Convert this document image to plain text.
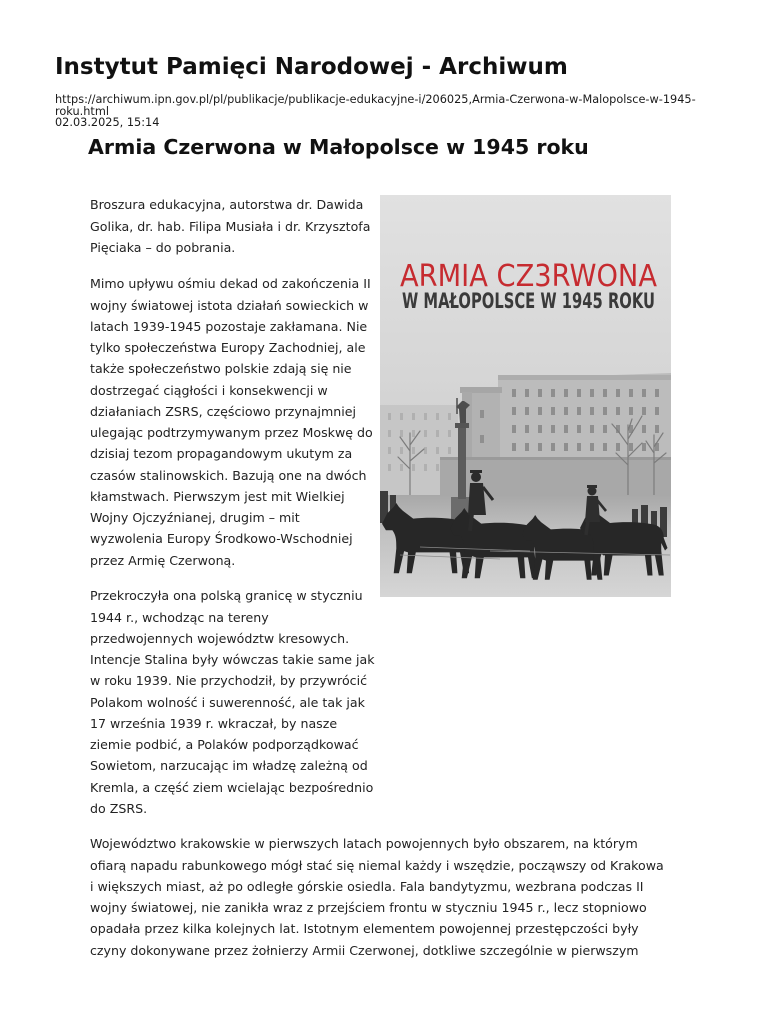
Instytut Pamięci Narodowej - Archiwum
https://archiwum.ipn.gov.pl/pl/publikacje/publikacje-edukacyjne-i/206025,Armia-Czerwona-w-Malopolsce-w-1945-
roku.html
02.03.2025, 15:14
Armia Czerwona w Małopolsce w 1945 roku
Broszura edukacyjna, autorstwa dr. Dawida
Golika, dr. hab. Filipa Musiała i dr. Krzysztofa
Pięciaka – do pobrania.
Mimo upływu ośmiu dekad od zakończenia II
wojny światowej istota działań sowieckich w
latach 1939-1945 pozostaje zakłamana. Nie
tylko społeczeństwa Europy Zachodniej, ale
także społeczeństwo polskie zdają się nie
dostrzegać ciągłości i konsekwencji w
działaniach ZSRS, częściowo przynajmniej
ulegając podtrzymywanym przez Moskwę do
dzisiaj tezom propagandowym ukutym za
czasów stalinowskich. Bazują one na dwóch
kłamstwach. Pierwszym jest mit Wielkiej
Wojny Ojczyźnianej, drugim – mit
wyzwolenia Europy Środkowo-Wschodniej
przez Armię Czerwoną.
Przekroczyła ona polską granicę w styczniu
1944 r., wchodząc na tereny
przedwojennych województw kresowych.
Intencje Stalina były wówczas takie same jak
w roku 1939. Nie przychodził, by przywrócić
Polakom wolność i suwerenność, ale tak jak
17 września 1939 r. wkraczał, by nasze
ziemie podbić, a Polaków podporządkować
Sowietom, narzucając im władzę zależną od
Kremla, a część ziem wcielając bezpośrednio
do ZSRS.
Województwo krakowskie w pierwszych latach powojennych było obszarem, na którym
ofiarą napadu rabunkowego mógł stać się niemal każdy i wszędzie, począwszy od Krakowa
i większych miast, aż po odległe górskie osiedla. Fala bandytyzmu, wezbrana podczas II
wojny światowej, nie zanikła wraz z przejściem frontu w styczniu 1945 r., lecz stopniowo
opadała przez kilka kolejnych lat. Istotnym elementem powojennej przestępczości były
czyny dokonywane przez żołnierzy Armii Czerwonej, dotkliwe szczególnie w pierwszym
ARMIA CZ3RWONA
W MAŁOPOLSCE W 1945 ROKU
